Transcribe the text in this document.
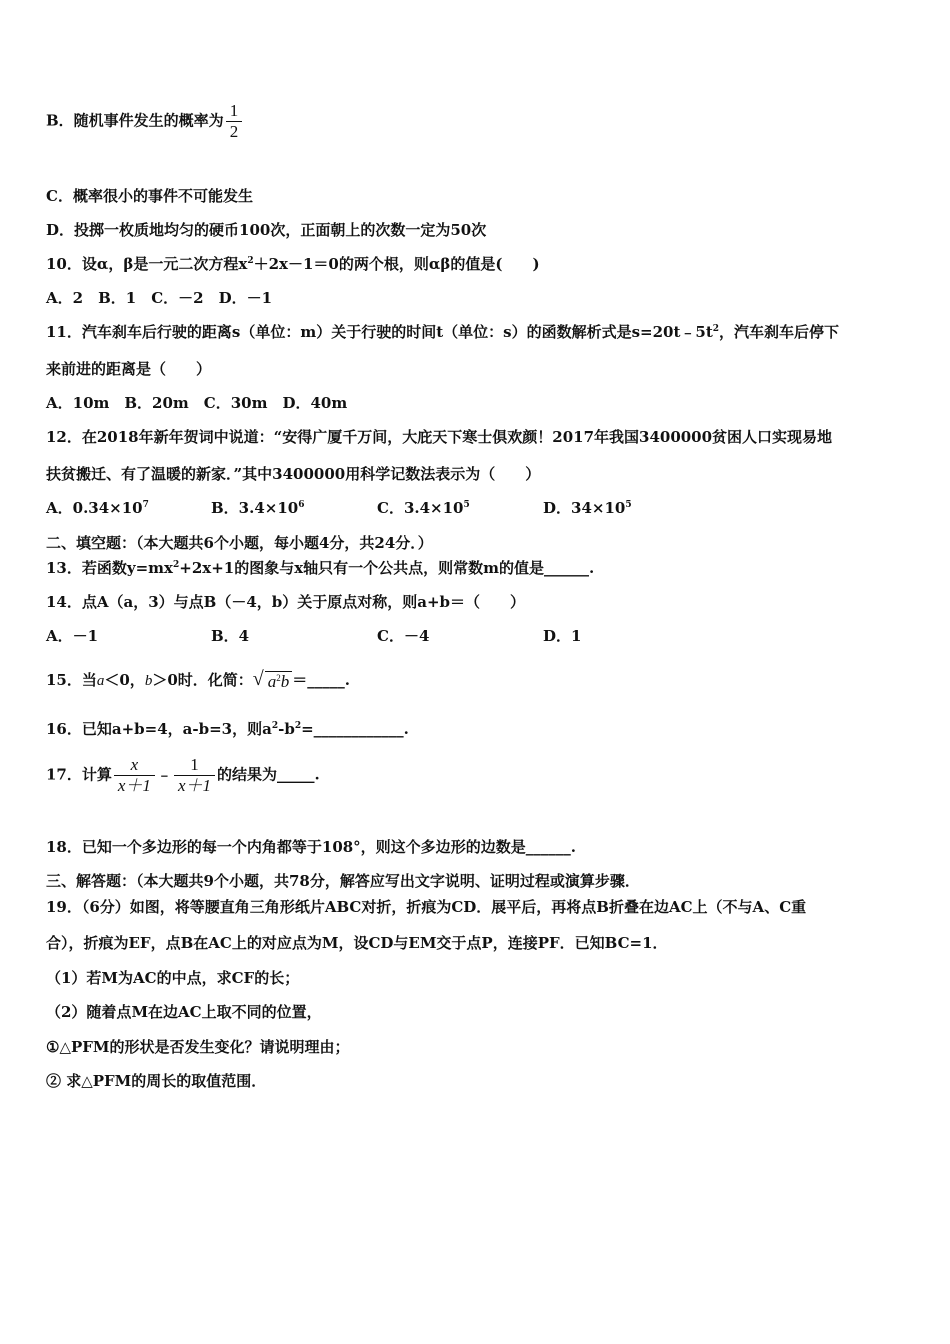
B．随机事件发生的概率为 $\frac{1}{2}$
C．概率很小的事件不可能发生
D．投掷一枚质地均匀的硬币100次，正面朝上的次数一定为50次
10．设α，β是一元二次方程$x^2+2x-1=0$的两个根，则αβ的值是(　　)
A．2　B．1　C．－2　D．－1
11．汽车刹车后行驶的距离s（单位：m）关于行驶的时间t（单位：s）的函数解析式是$s=20t﹣5t^2$，汽车刹车后停下
来前进的距离是（　　）
A．10m　B．20m　C．30m　D．40m
12．在2018年新年贺词中说道：“安得广厦千万间，大庇天下寒士俱欢颜！2017年我国3400000贫困人口实现易地
扶贫搬迁、有了温暖的新家．”其中3400000用科学记数法表示为（　　）
A．$0.34\times 10^7$	B．$3.4\times 10^6$	C．$3.4\times 10^5$	D．$34\times 10^5$
二、填空题：（本大题共6个小题，每小题4分，共24分．）
13．若函数$y=mx^2+2x+1$的图象与x轴只有一个公共点，则常数m的值是______.
14．点A（a，3）与点B（－4，b）关于原点对称，则a+b＝（　　）
A．－1	B．4	C．－4	D．1
15．当a＜0，b＞0时．化简： √ $a^2b$ ＝_____.
16．已知a+b=4，a-b=3，则$a^2-b^2=\_\_\_\_\_\_\_\_\_\_\_\_$.
17．计算 $\frac{x}{x+1}$ ﹣ $\frac{1}{x+1}$ 的结果为_____.
18．已知一个多边形的每一个内角都等于108°，则这个多边形的边数是______.
三、解答题：（本大题共9个小题，共78分，解答应写出文字说明、证明过程或演算步骤．
19．（6分）如图，将等腰直角三角形纸片ABC对折，折痕为CD．展平后，再将点B折叠在边AC上（不与A、C重
合），折痕为EF，点B在AC上的对应点为M，设CD与EM交于点P，连接PF．已知BC=1．
（1）若M为AC的中点，求CF的长；
（2）随着点M在边AC上取不同的位置，
①△PFM的形状是否发生变化？请说明理由；
② 求△PFM的周长的取值范围．
